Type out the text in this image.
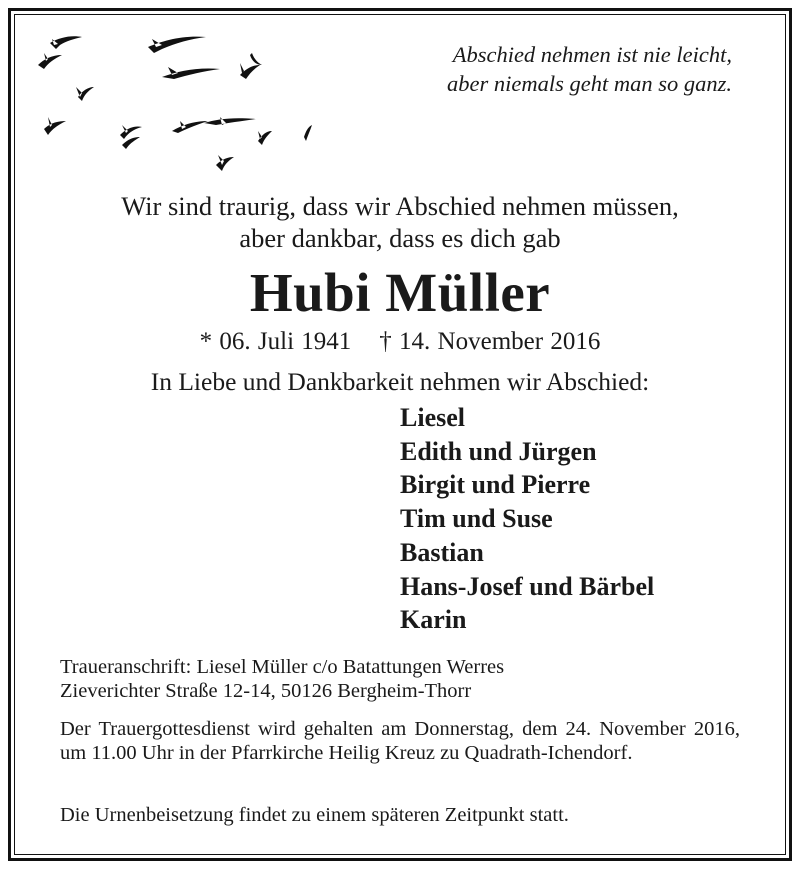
Abschied nehmen ist nie leicht,
aber niemals geht man so ganz.
Wir sind traurig, dass wir Abschied nehmen müssen,
aber dankbar, dass es dich gab
Hubi Müller
* 06. Juli 1941 † 14. November 2016
In Liebe und Dankbarkeit nehmen wir Abschied:
Liesel
Edith und Jürgen
Birgit und Pierre
Tim und Suse
Bastian
Hans-Josef und Bärbel
Karin
Traueranschrift: Liesel Müller c/o Batattungen Werres
Zieverichter Straße 12-14, 50126 Bergheim-Thorr
Der Trauergottesdienst wird gehalten am Donnerstag, dem 24. November 2016, um 11.00 Uhr in der Pfarrkirche Heilig Kreuz zu Quadrath-Ichendorf.
Die Urnenbeisetzung findet zu einem späteren Zeitpunkt statt.
